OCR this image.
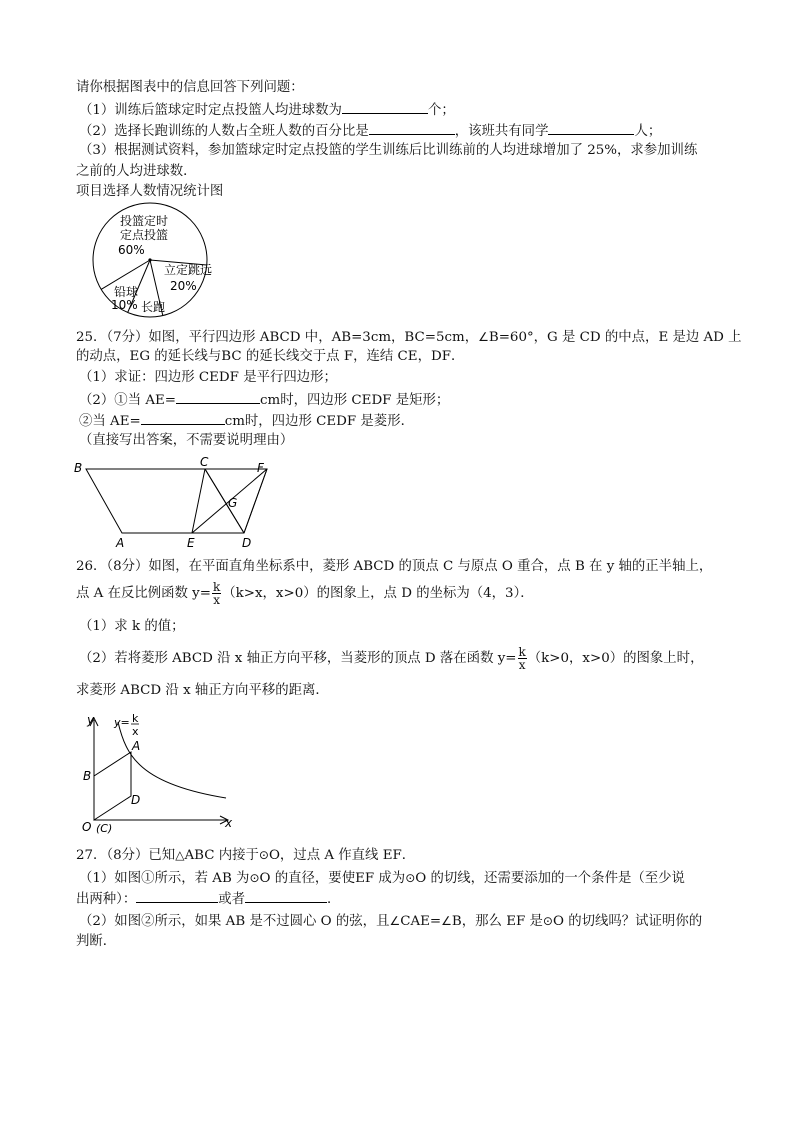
请你根据图表中的信息回答下列问题：
（1）训练后篮球定时定点投篮人均进球数为	个；
（2）选择长跑训练的人数占全班人数的百分比是	，该班共有同学	人；
（3）根据测试资料，参加篮球定时定点投篮的学生训练后比训练前的人均进球增加了 25%，求参加训练
之前的人均进球数．
项目选择人数情况统计图
投篮定时
定点投篮
60%
立定跳远
20%
铅球
10% 长跑
25．（7分）如图，平行四边形 ABCD 中，AB=3cm，BC=5cm，∠B=60°，G 是 CD 的中点，E 是边 AD 上
的动点，EG 的延长线与BC 的延长线交于点 F，连结 CE，DF．
（1）求证：四边形 CEDF 是平行四边形；
（2）①当 AE=	cm时，四边形 CEDF 是矩形；
②当 AE=	cm时，四边形 CEDF 是菱形．
（直接写出答案，不需要说明理由）
B	C	F
G
A	E	D
26．（8分）如图，在平面直角坐标系中，菱形 ABCD 的顶点 C 与原点 O 重合，点 B 在 y 轴的正半轴上，
点 A 在反比例函数 $y= \frac{k}{x} (k>x$，x>0）的图象上，点 D 的坐标为（4，3）．
（1）求 k 的值；
（2）若将菱形 ABCD 沿 x 轴正方向平移，当菱形的顶点 D 落在函数 $y= \frac{k}{x} (k>0$，x>0）的图象上时，
求菱形 ABCD 沿 x 轴正方向平移的距离．
y
x
y= k
x
A
B
D
O (C)
27．（8分）已知△ABC 内接于⊙O，过点 A 作直线 EF．
（1）如图①所示，若 AB 为⊙O 的直径，要使EF 成为⊙O 的切线，还需要添加的一个条件是（至少说
出两种）：	或者	．
（2）如图②所示，如果 AB 是不过圆心 O 的弦，且∠CAE=∠B，那么 EF 是⊙O 的切线吗？试证明你的
判断．
